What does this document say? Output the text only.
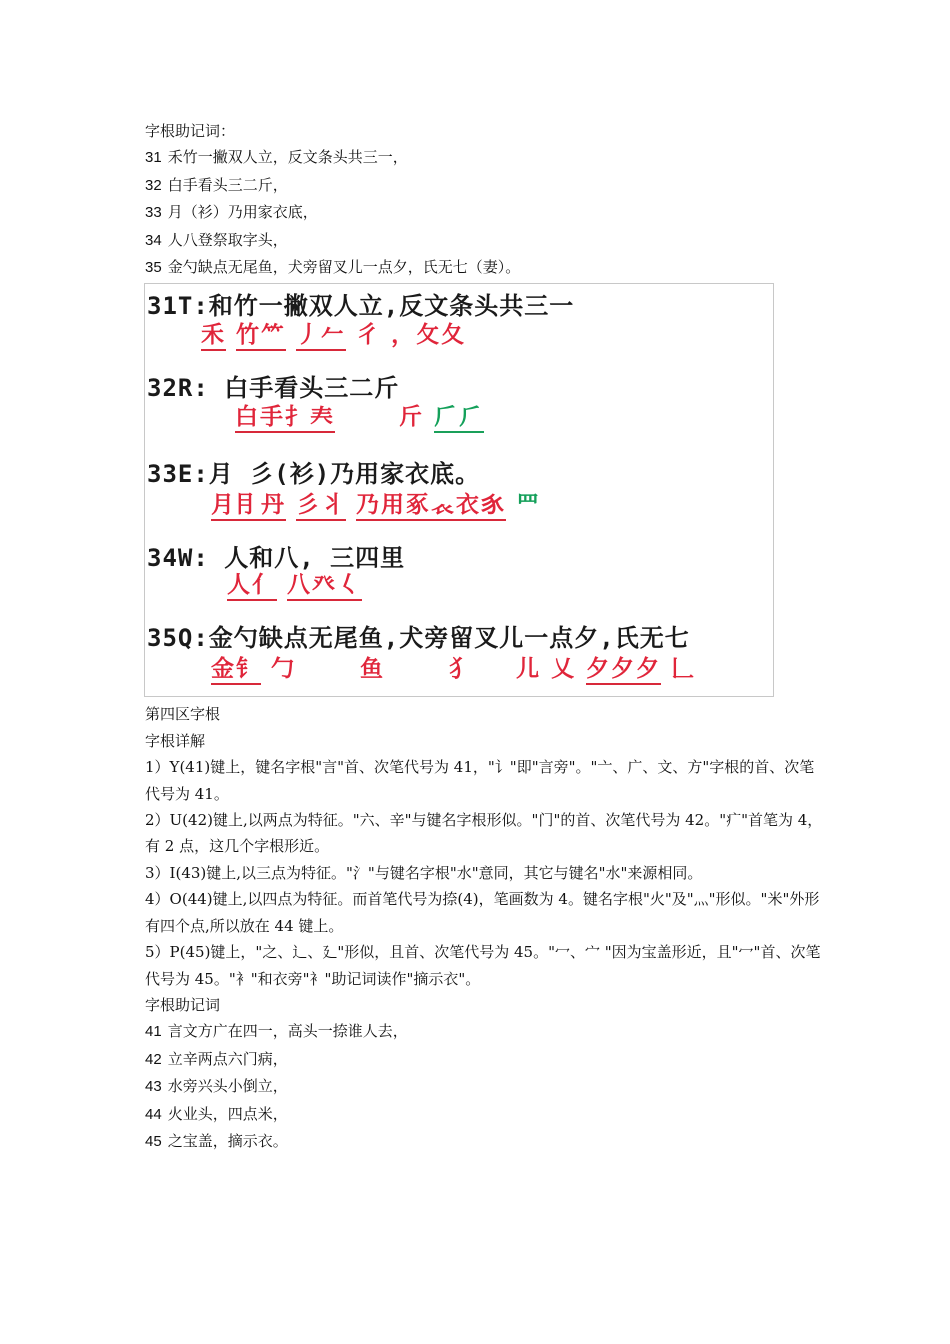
字根助记词：
31 禾竹一撇双人立，反文条头共三一，
32 白手看头三二斤，
33 月（衫）乃用家衣底，
34 人八登祭取字头，
35 金勺缺点无尾鱼，犬旁留叉儿一点夕，氏无七（妻）。
31T:和竹一撇双人立,反文条头共三一
禾 竹⺮ 丿𠂉 彳 ，攵夂
32R: 白手看头三二斤
白手扌𡗗	斤 𠂆⺁
33E:月 彡(衫)乃用家衣底。
月⺝丹 彡⺦ 乃用豖𧘇衣𧰨 罒
34W: 人和八, 三四里
人亻 八癶𡿨
35Q:金勺缺点无尾鱼,犬旁留叉儿一点夕,氏无七
金钅 勹	鱼	犭 儿 乂 夕夕夕 𠃊
第四区字根
字根详解
1）Y(41)键上，键名字根"言"首、次笔代号为 41，"讠"即"言旁"。"亠、广、文、方"字根的首、次笔代号为 41。
2）U(42)键上,以两点为特征。"六、辛"与键名字根形似。"门"的首、次笔代号为 42。"疒"首笔为 4，有 2 点，这几个字根形近。
3）I(43)键上,以三点为特征。"氵"与键名字根"水"意同，其它与键名"水"来源相同。
4）O(44)键上,以四点为特征。而首笔代号为捺(4)，笔画数为 4。键名字根"火"及"灬"形似。"米"外形有四个点,所以放在 44 键上。
5）P(45)键上，"之、辶、廴"形似，且首、次笔代号为 45。"冖、宀 "因为宝盖形近，且"冖"首、次笔代号为 45。"衤"和衣旁"衤"助记词读作"摘示衣"。
字根助记词
41 言文方广在四一，高头一捺谁人去，
42 立辛两点六门病，
43 水旁兴头小倒立，
44 火业头，四点米，
45 之宝盖，摘示衣。
